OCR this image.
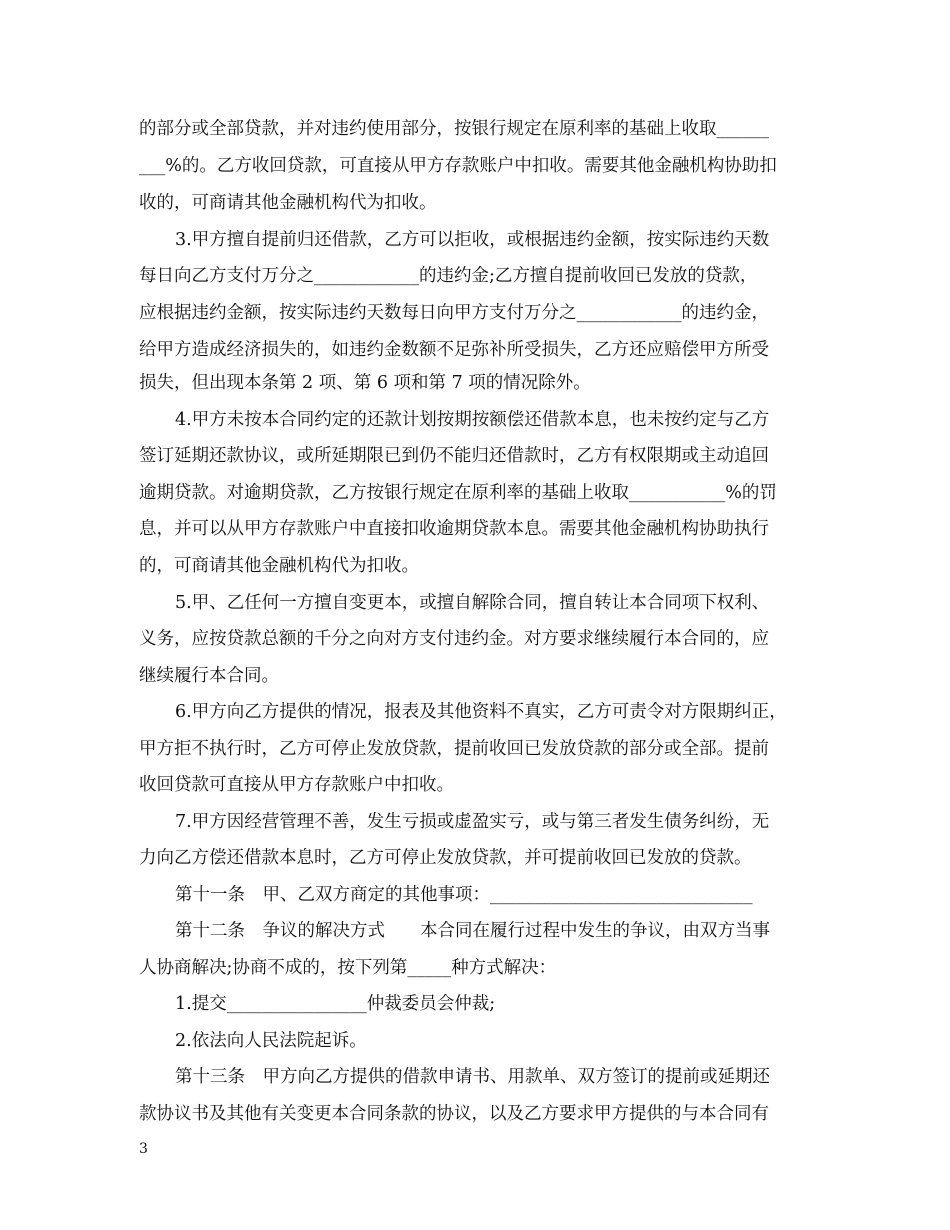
的部分或全部贷款，并对违约使用部分，按银行规定在原利率的基础上收取______
___%的。乙方收回贷款，可直接从甲方存款账户中扣收。需要其他金融机构协助扣
收的，可商请其他金融机构代为扣收。
3.甲方擅自提前归还借款，乙方可以拒收，或根据违约金额，按实际违约天数
每日向乙方支付万分之____________的违约金;乙方擅自提前收回已发放的贷款，
应根据违约金额，按实际违约天数每日向甲方支付万分之____________的违约金，
给甲方造成经济损失的，如违约金数额不足弥补所受损失，乙方还应赔偿甲方所受
损失，但出现本条第 2 项、第 6 项和第 7 项的情况除外。
4.甲方未按本合同约定的还款计划按期按额偿还借款本息，也未按约定与乙方
签订延期还款协议，或所延期限已到仍不能归还借款时，乙方有权限期或主动追回
逾期贷款。对逾期贷款，乙方按银行规定在原利率的基础上收取___________%的罚
息，并可以从甲方存款账户中直接扣收逾期贷款本息。需要其他金融机构协助执行
的，可商请其他金融机构代为扣收。
5.甲、乙任何一方擅自变更本，或擅自解除合同，擅自转让本合同项下权利、
义务，应按贷款总额的千分之向对方支付违约金。对方要求继续履行本合同的，应
继续履行本合同。
6.甲方向乙方提供的情况，报表及其他资料不真实，乙方可责令对方限期纠正，
甲方拒不执行时，乙方可停止发放贷款，提前收回已发放贷款的部分或全部。提前
收回贷款可直接从甲方存款账户中扣收。
7.甲方因经营管理不善，发生亏损或虚盈实亏，或与第三者发生债务纠纷，无
力向乙方偿还借款本息时，乙方可停止发放贷款，并可提前收回已发放的贷款。
第十一条　甲、乙双方商定的其他事项：______________________________
第十二条　争议的解决方式　　本合同在履行过程中发生的争议，由双方当事
人协商解决;协商不成的，按下列第_____种方式解决：
1.提交________________仲裁委员会仲裁;
2.依法向人民法院起诉。
第十三条　甲方向乙方提供的借款申请书、用款单、双方签订的提前或延期还
款协议书及其他有关变更本合同条款的协议，以及乙方要求甲方提供的与本合同有
3
